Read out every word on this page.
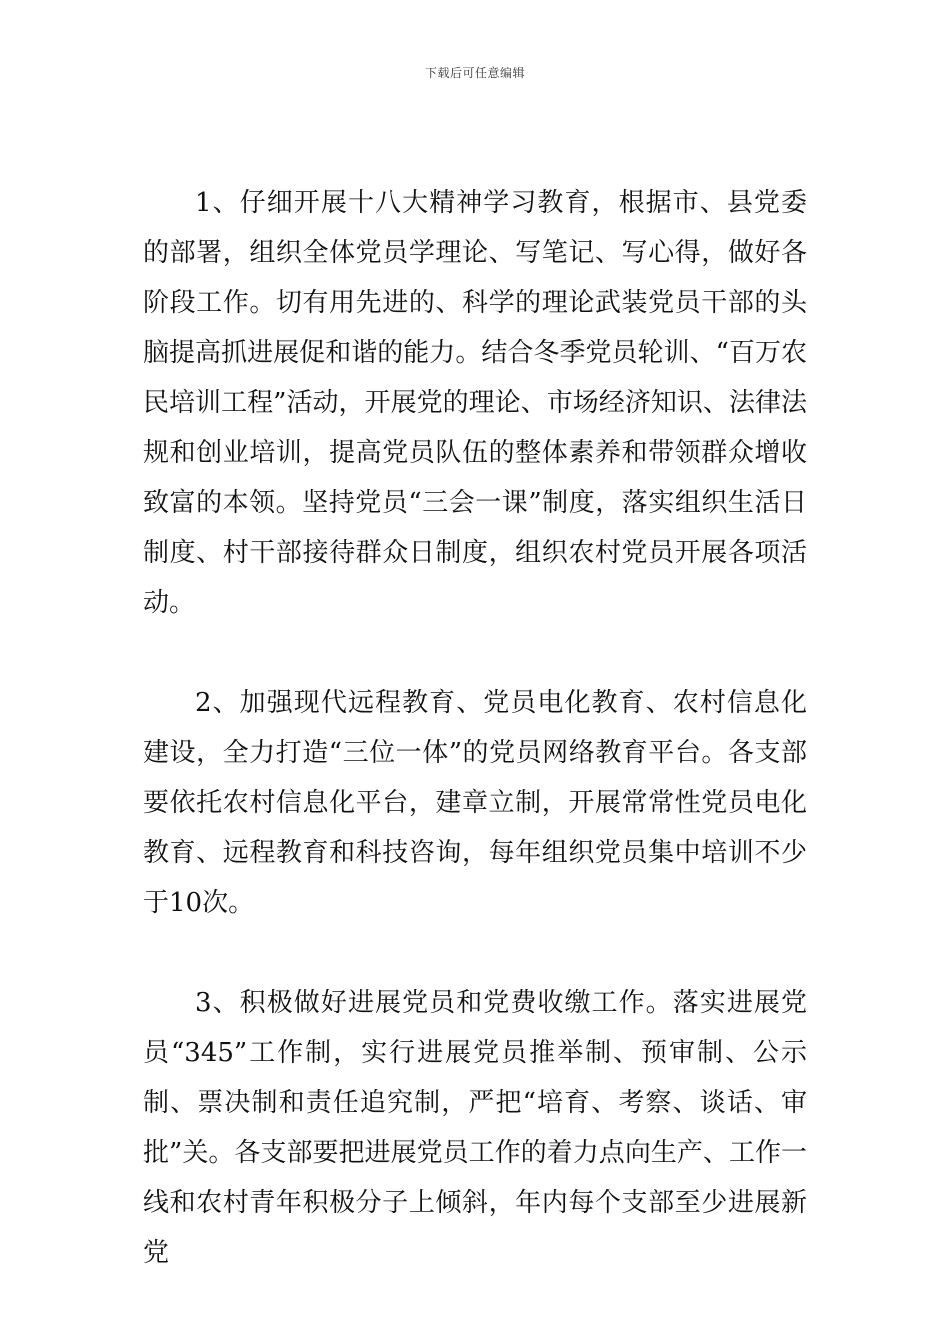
下载后可任意编辑

1、仔细开展十八大精神学习教育，根据市、县党委的部署，组织全体党员学理论、写笔记、写心得，做好各阶段工作。切有用先进的、科学的理论武装党员干部的头脑提高抓进展促和谐的能力。结合冬季党员轮训、“百万农民培训工程”活动，开展党的理论、市场经济知识、法律法规和创业培训，提高党员队伍的整体素养和带领群众增收致富的本领。坚持党员“三会一课”制度，落实组织生活日制度、村干部接待群众日制度，组织农村党员开展各项活动。

2、加强现代远程教育、党员电化教育、农村信息化建设，全力打造“三位一体”的党员网络教育平台。各支部要依托农村信息化平台，建章立制，开展常常性党员电化教育、远程教育和科技咨询，每年组织党员集中培训不少于10次。

3、积极做好进展党员和党费收缴工作。落实进展党员“345”工作制，实行进展党员推举制、预审制、公示制、票决制和责任追究制，严把“培育、考察、谈话、审批”关。各支部要把进展党员工作的着力点向生产、工作一线和农村青年积极分子上倾斜，年内每个支部至少进展新党
